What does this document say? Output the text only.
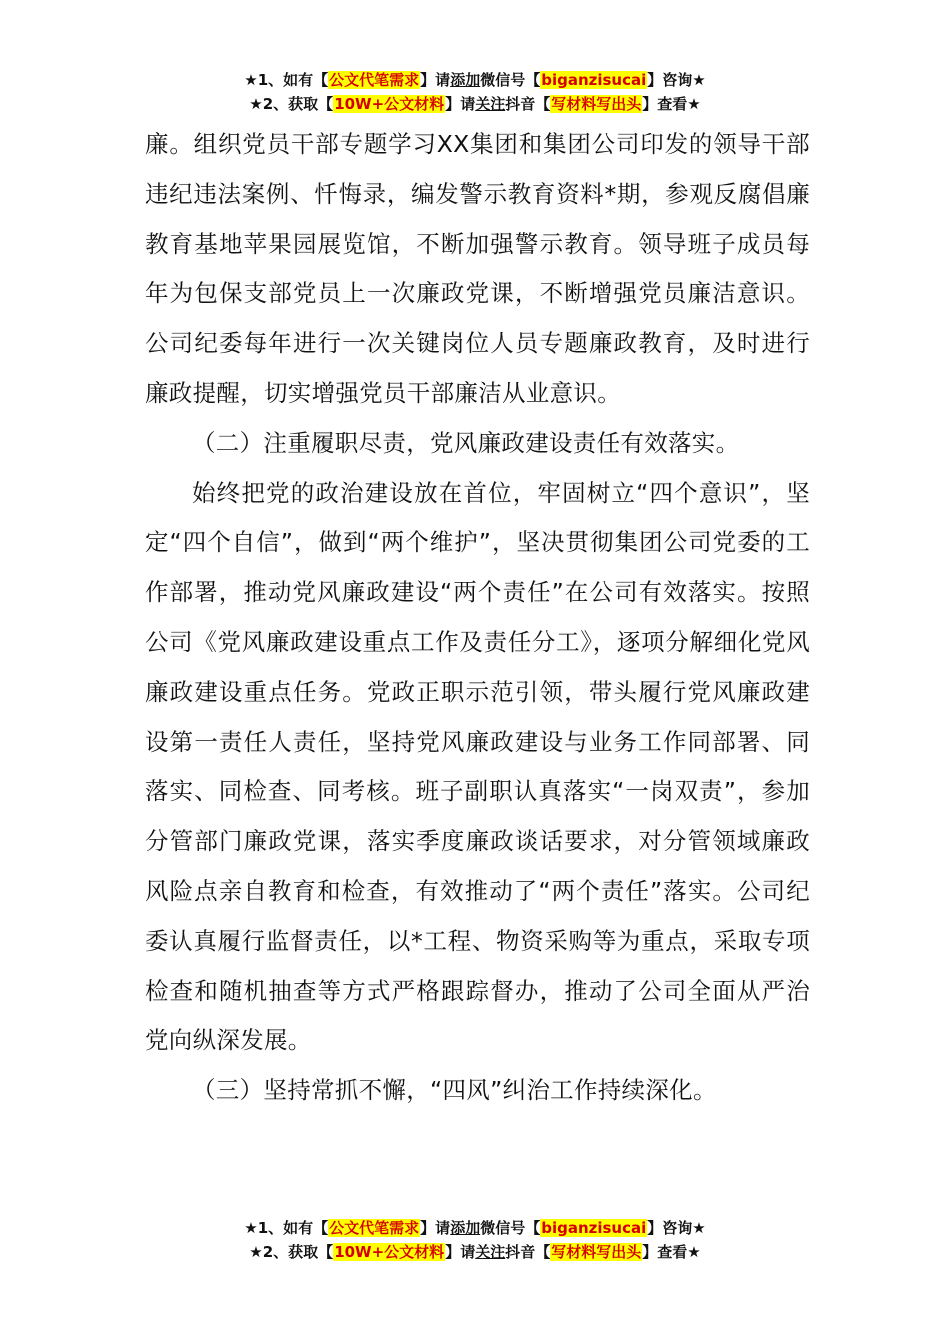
★1、如有【公文代笔需求】请添加微信号【biganzisucai】咨询★
★2、获取【10W+公文材料】请关注抖音【写材料写出头】查看★

廉。组织党员干部专题学习XX集团和集团公司印发的领导干部违纪违法案例、忏悔录，编发警示教育资料*期，参观反腐倡廉教育基地苹果园展览馆，不断加强警示教育。领导班子成员每年为包保支部党员上一次廉政党课，不断增强党员廉洁意识。公司纪委每年进行一次关键岗位人员专题廉政教育，及时进行廉政提醒，切实增强党员干部廉洁从业意识。

（二）注重履职尽责，党风廉政建设责任有效落实。

始终把党的政治建设放在首位，牢固树立“四个意识”，坚定“四个自信”，做到“两个维护”，坚决贯彻集团公司党委的工作部署，推动党风廉政建设“两个责任”在公司有效落实。按照公司《党风廉政建设重点工作及责任分工》，逐项分解细化党风廉政建设重点任务。党政正职示范引领，带头履行党风廉政建设第一责任人责任，坚持党风廉政建设与业务工作同部署、同落实、同检查、同考核。班子副职认真落实“一岗双责”，参加分管部门廉政党课，落实季度廉政谈话要求，对分管领域廉政风险点亲自教育和检查，有效推动了“两个责任”落实。公司纪委认真履行监督责任，以*工程、物资采购等为重点，采取专项检查和随机抽查等方式严格跟踪督办，推动了公司全面从严治党向纵深发展。

（三）坚持常抓不懈，“四风”纠治工作持续深化。

★1、如有【公文代笔需求】请添加微信号【biganzisucai】咨询★
★2、获取【10W+公文材料】请关注抖音【写材料写出头】查看★
